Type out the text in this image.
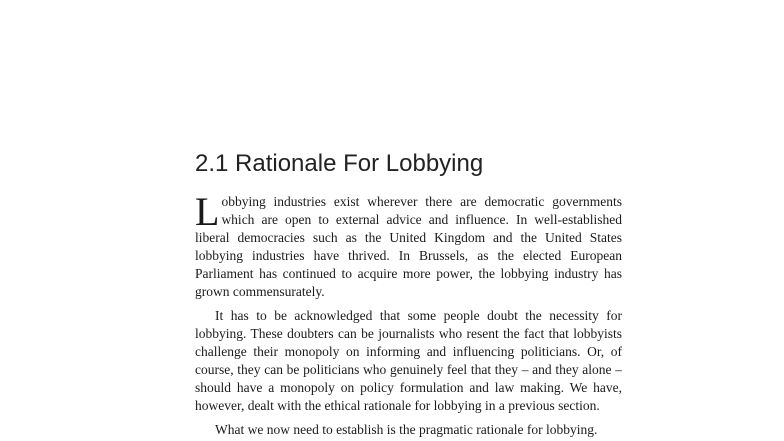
2.1 Rationale For Lobbying

Lobbying industries exist wherever there are democratic governments which are open to external advice and influence. In well-established liberal democracies such as the United Kingdom and the United States lobbying industries have thrived. In Brussels, as the elected European Parliament has continued to acquire more power, the lobbying industry has grown commensurately.

It has to be acknowledged that some people doubt the necessity for lobbying. These doubters can be journalists who resent the fact that lobbyists challenge their monopoly on informing and influencing politicians. Or, of course, they can be politicians who genuinely feel that they – and they alone – should have a monopoly on policy formulation and law making. We have, however, dealt with the ethical rationale for lobbying in a previous section.

What we now need to establish is the pragmatic rationale for lobbying.
